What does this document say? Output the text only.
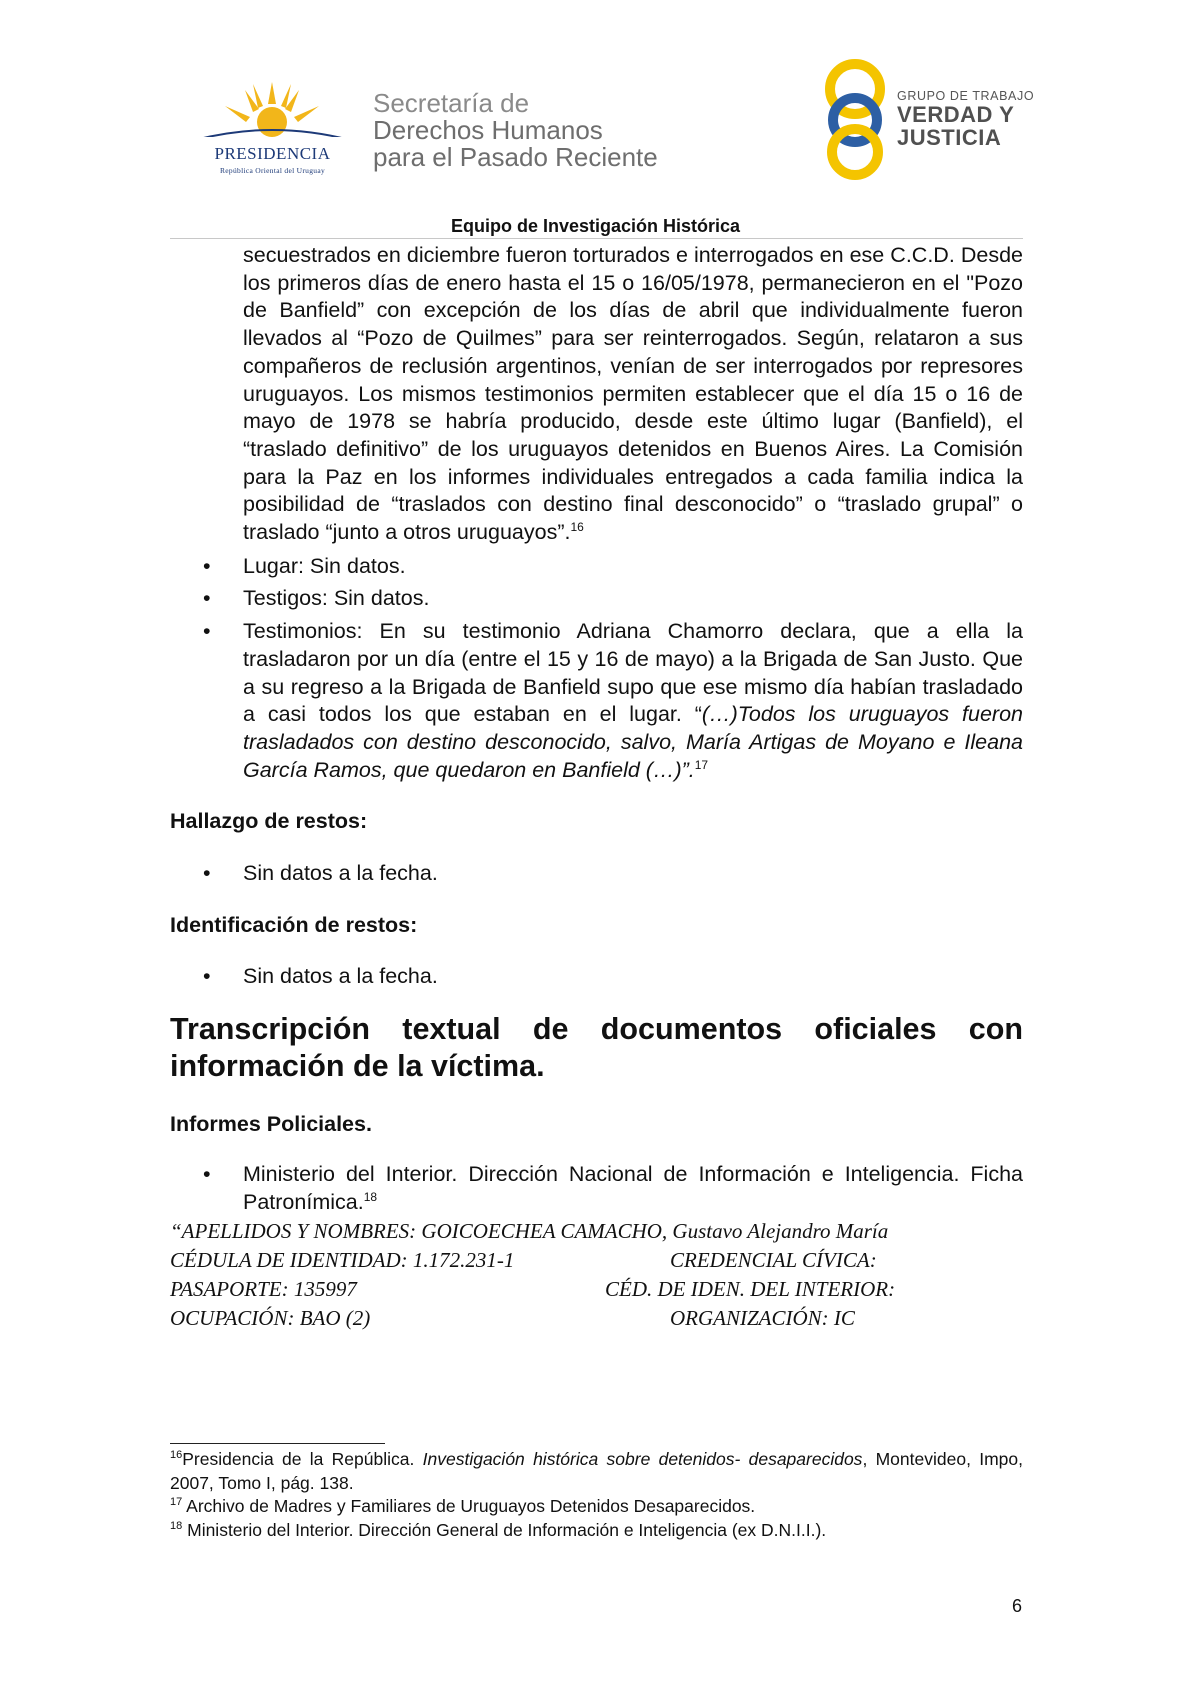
PRESIDENCIA
República Oriental del Uruguay
Secretaría de
Derechos Humanos
para el Pasado Reciente
GRUPO DE TRABAJO
VERDAD Y
JUSTICIA
Equipo de Investigación Histórica

secuestrados en diciembre fueron torturados e interrogados en ese C.C.D. Desde los primeros días de enero hasta el 15 o 16/05/1978, permanecieron en el "Pozo de Banfield” con excepción de los días de abril que individualmente fueron llevados al “Pozo de Quilmes” para ser reinterrogados. Según, relataron a sus compañeros de reclusión argentinos, venían de ser interrogados por represores uruguayos. Los mismos testimonios permiten establecer que el día 15 o 16 de mayo de 1978 se habría producido, desde este último lugar (Banfield), el “traslado definitivo” de los uruguayos detenidos en Buenos Aires. La Comisión para la Paz en los informes individuales entregados a cada familia indica la posibilidad de “traslados con destino final desconocido” o “traslado grupal” o traslado “junto a otros uruguayos”.$^{16}$

• Lugar: Sin datos.
• Testigos: Sin datos.
• Testimonios: En su testimonio Adriana Chamorro declara, que a ella la trasladaron por un día (entre el 15 y 16 de mayo) a la Brigada de San Justo. Que a su regreso a la Brigada de Banfield supo que ese mismo día habían trasladado a casi todos los que estaban en el lugar. “(…)Todos los uruguayos fueron trasladados con destino desconocido, salvo, María Artigas de Moyano e Ileana García Ramos, que quedaron en Banfield (…)”.$^{17}$
Hallazgo de restos:
• Sin datos a la fecha.
Identificación de restos:
• Sin datos a la fecha.
Transcripción textual de documentos oficiales con información de la víctima.
Informes Policiales.
• Ministerio del Interior. Dirección Nacional de Información e Inteligencia. Ficha Patronímica.$^{18}$
“APELLIDOS Y NOMBRES: GOICOECHEA CAMACHO, Gustavo Alejandro María
CÉDULA DE IDENTIDAD: 1.172.231-1	CREDENCIAL CÍVICA:
PASAPORTE: 135997	CÉD. DE IDEN. DEL INTERIOR:
OCUPACIÓN: BAO (2)	ORGANIZACIÓN: IC
$^{16}$Presidencia de la República. Investigación histórica sobre detenidos- desaparecidos, Montevideo, Impo, 2007, Tomo I, pág. 138.
$^{17}$ Archivo de Madres y Familiares de Uruguayos Detenidos Desaparecidos.
$^{18}$ Ministerio del Interior. Dirección General de Información e Inteligencia (ex D.N.I.I.).
6
